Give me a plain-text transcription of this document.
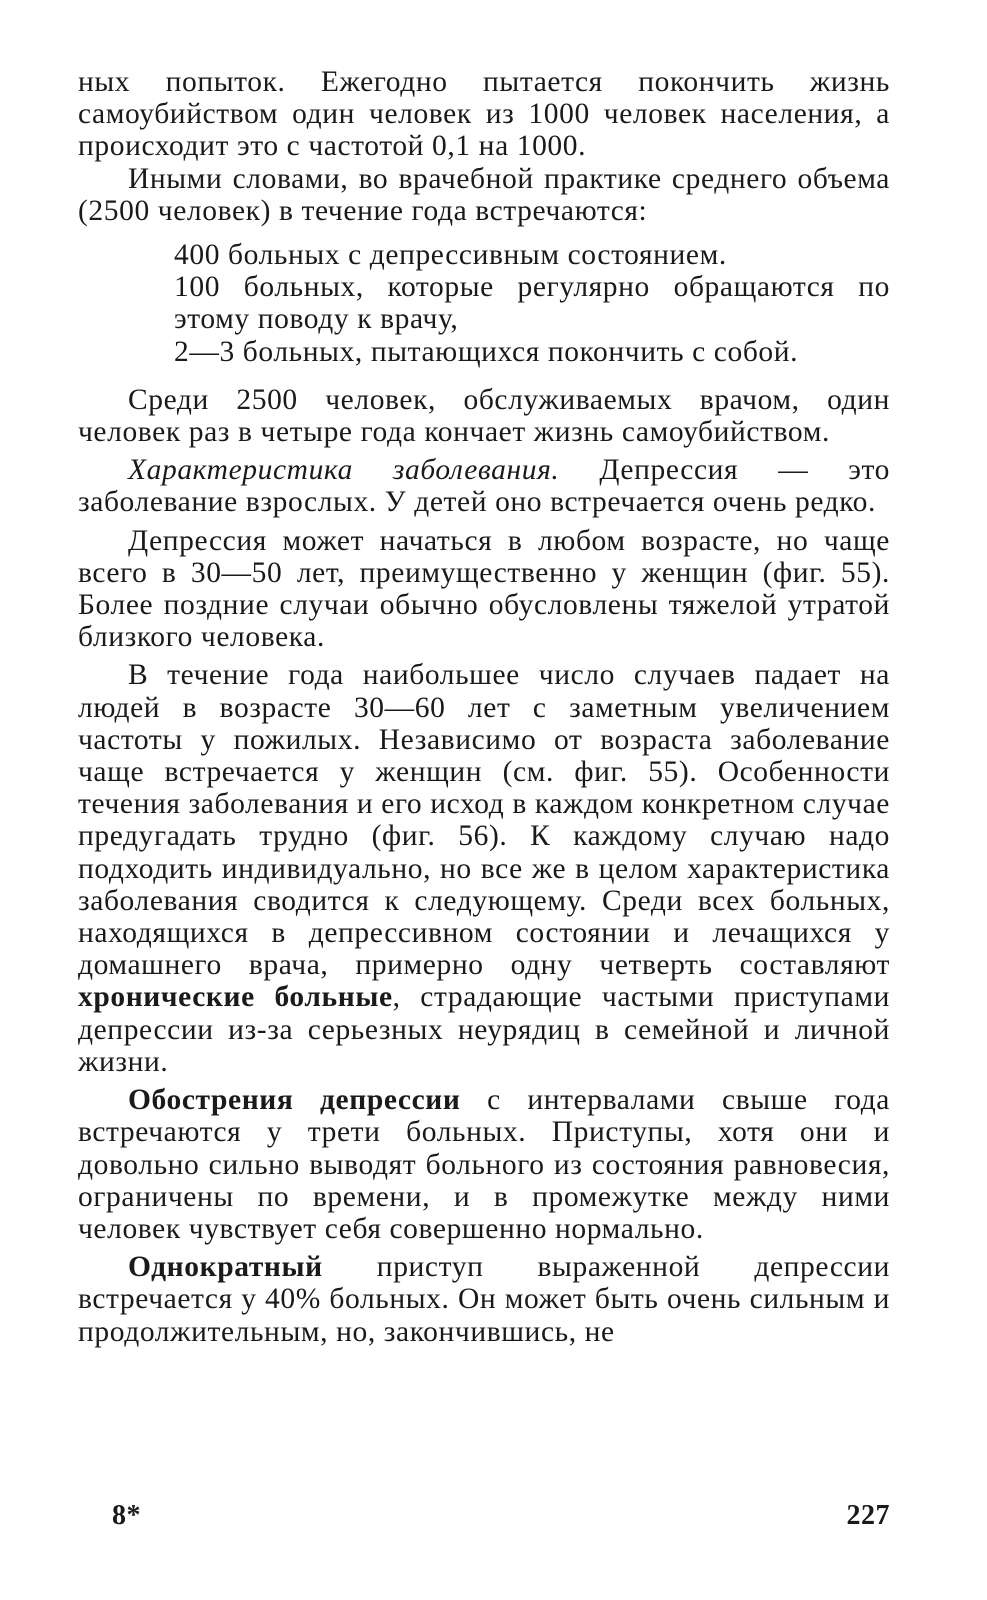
ных попыток. Ежегодно пытается покончить жизнь самоубийством один человек из 1000 человек населения, а происходит это с частотой 0,1 на 1000.

Иными словами, во врачебной практике среднего объема (2500 человек) в течение года встречаются:

400 больных с депрессивным состоянием.
100 больных, которые регулярно обращаются по этому поводу к врачу,
2—3 больных, пытающихся покончить с собой.

Среди 2500 человек, обслуживаемых врачом, один человек раз в четыре года кончает жизнь самоубийством.

Характеристика заболевания. Депрессия — это заболевание взрослых. У детей оно встречается очень редко.

Депрессия может начаться в любом возрасте, но чаще всего в 30—50 лет, преимущественно у женщин (фиг. 55). Более поздние случаи обычно обусловлены тяжелой утратой близкого человека.

В течение года наибольшее число случаев падает на людей в возрасте 30—60 лет с заметным увеличением частоты у пожилых. Независимо от возраста заболевание чаще встречается у женщин (см. фиг. 55). Особенности течения заболевания и его исход в каждом конкретном случае предугадать трудно (фиг. 56). К каждому случаю надо подходить индивидуально, но все же в целом характеристика заболевания сводится к следующему. Среди всех больных, находящихся в депрессивном состоянии и лечащихся у домашнего врача, примерно одну четверть составляют хронические больные, страдающие частыми приступами депрессии из-за серьезных неурядиц в семейной и личной жизни.

Обострения депрессии с интервалами свыше года встречаются у трети больных. Приступы, хотя они и довольно сильно выводят больного из состояния равновесия, ограничены по времени, и в промежутке между ними человек чувствует себя совершенно нормально.

Однократный приступ выраженной депрессии встречается у 40% больных. Он может быть очень сильным и продолжительным, но, закончившись, не

8*	227
